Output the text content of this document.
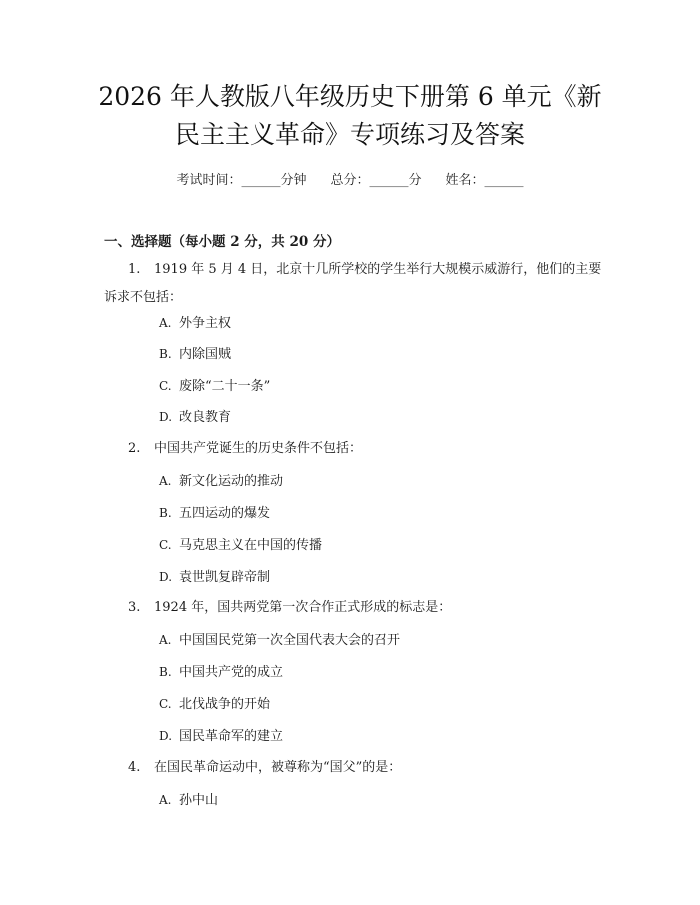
2026 年人教版八年级历史下册第 6 单元《新
民主主义革命》专项练习及答案
考试时间：______分钟 总分：______分 姓名：______
一、选择题（每小题 2 分，共 20 分）
1. 1919 年 5 月 4 日，北京十几所学校的学生举行大规模示威游行，他们的主要诉求不包括：
A. 外争主权
B. 内除国贼
C. 废除“二十一条”
D. 改良教育
2. 中国共产党诞生的历史条件不包括：
A. 新文化运动的推动
B. 五四运动的爆发
C. 马克思主义在中国的传播
D. 袁世凯复辟帝制
3. 1924 年，国共两党第一次合作正式形成的标志是：
A. 中国国民党第一次全国代表大会的召开
B. 中国共产党的成立
C. 北伐战争的开始
D. 国民革命军的建立
4. 在国民革命运动中，被尊称为“国父”的是：
A. 孙中山
